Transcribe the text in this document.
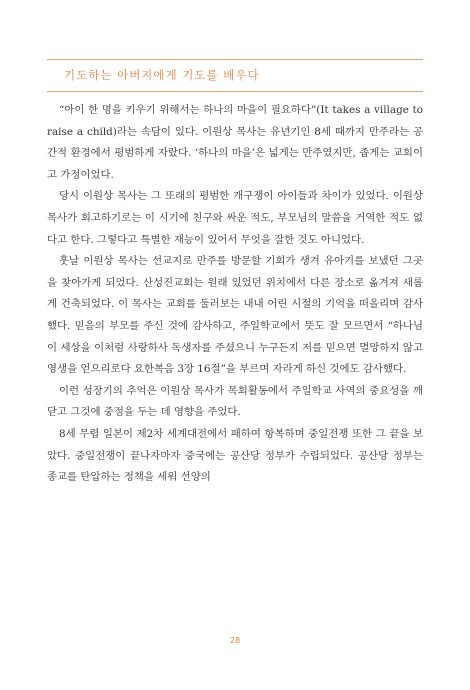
기도하는 아버지에게 기도를 배우다

“아이 한 명을 키우기 위해서는 하나의 마을이 필요하다”(It takes a village to raise a child)라는 속담이 있다. 이원상 목사는 유년기인 8세 때까지 만주라는 공간적 환경에서 평범하게 자랐다. ‘하나의 마을’은 넓게는 만주였지만, 좁게는 교회이고 가정이었다.

당시 이원상 목사는 그 또래의 평범한 개구쟁이 아이들과 차이가 있었다. 이원상 목사가 회고하기로는 이 시기에 친구와 싸운 적도, 부모님의 말씀을 거역한 적도 없다고 한다. 그렇다고 특별한 재능이 있어서 무엇을 잘한 것도 아니었다.

훗날 이원상 목사는 선교지로 만주를 방문할 기회가 생겨 유아기를 보냈던 그곳을 찾아가게 되었다. 산성진교회는 원래 있었던 위치에서 다른 장소로 옮겨져 새롭게 건축되었다. 이 목사는 교회를 둘러보는 내내 어린 시절의 기억을 떠올리며 감사했다. 믿음의 부모를 주신 것에 감사하고, 주일학교에서 뜻도 잘 모르면서 “하나님이 세상을 이처럼 사랑하사 독생자를 주셨으니 누구든지 저를 믿으면 멸망하지 않고 영생을 얻으리로다 요한복음 3장 16절”을 부르며 자라게 하신 것에도 감사했다.

이런 성장기의 추억은 이원상 목사가 목회활동에서 주일학교 사역의 중요성을 깨닫고 그것에 중점을 두는 데 영향을 주었다.

8세 무렵 일본이 제2차 세계대전에서 패하여 항복하며 중일전쟁 또한 그 끝을 보았다. 중일전쟁이 끝나자마자 중국에는 공산당 정부가 수립되었다. 공산당 정부는 종교를 탄압하는 정책을 세워 선양의

28
